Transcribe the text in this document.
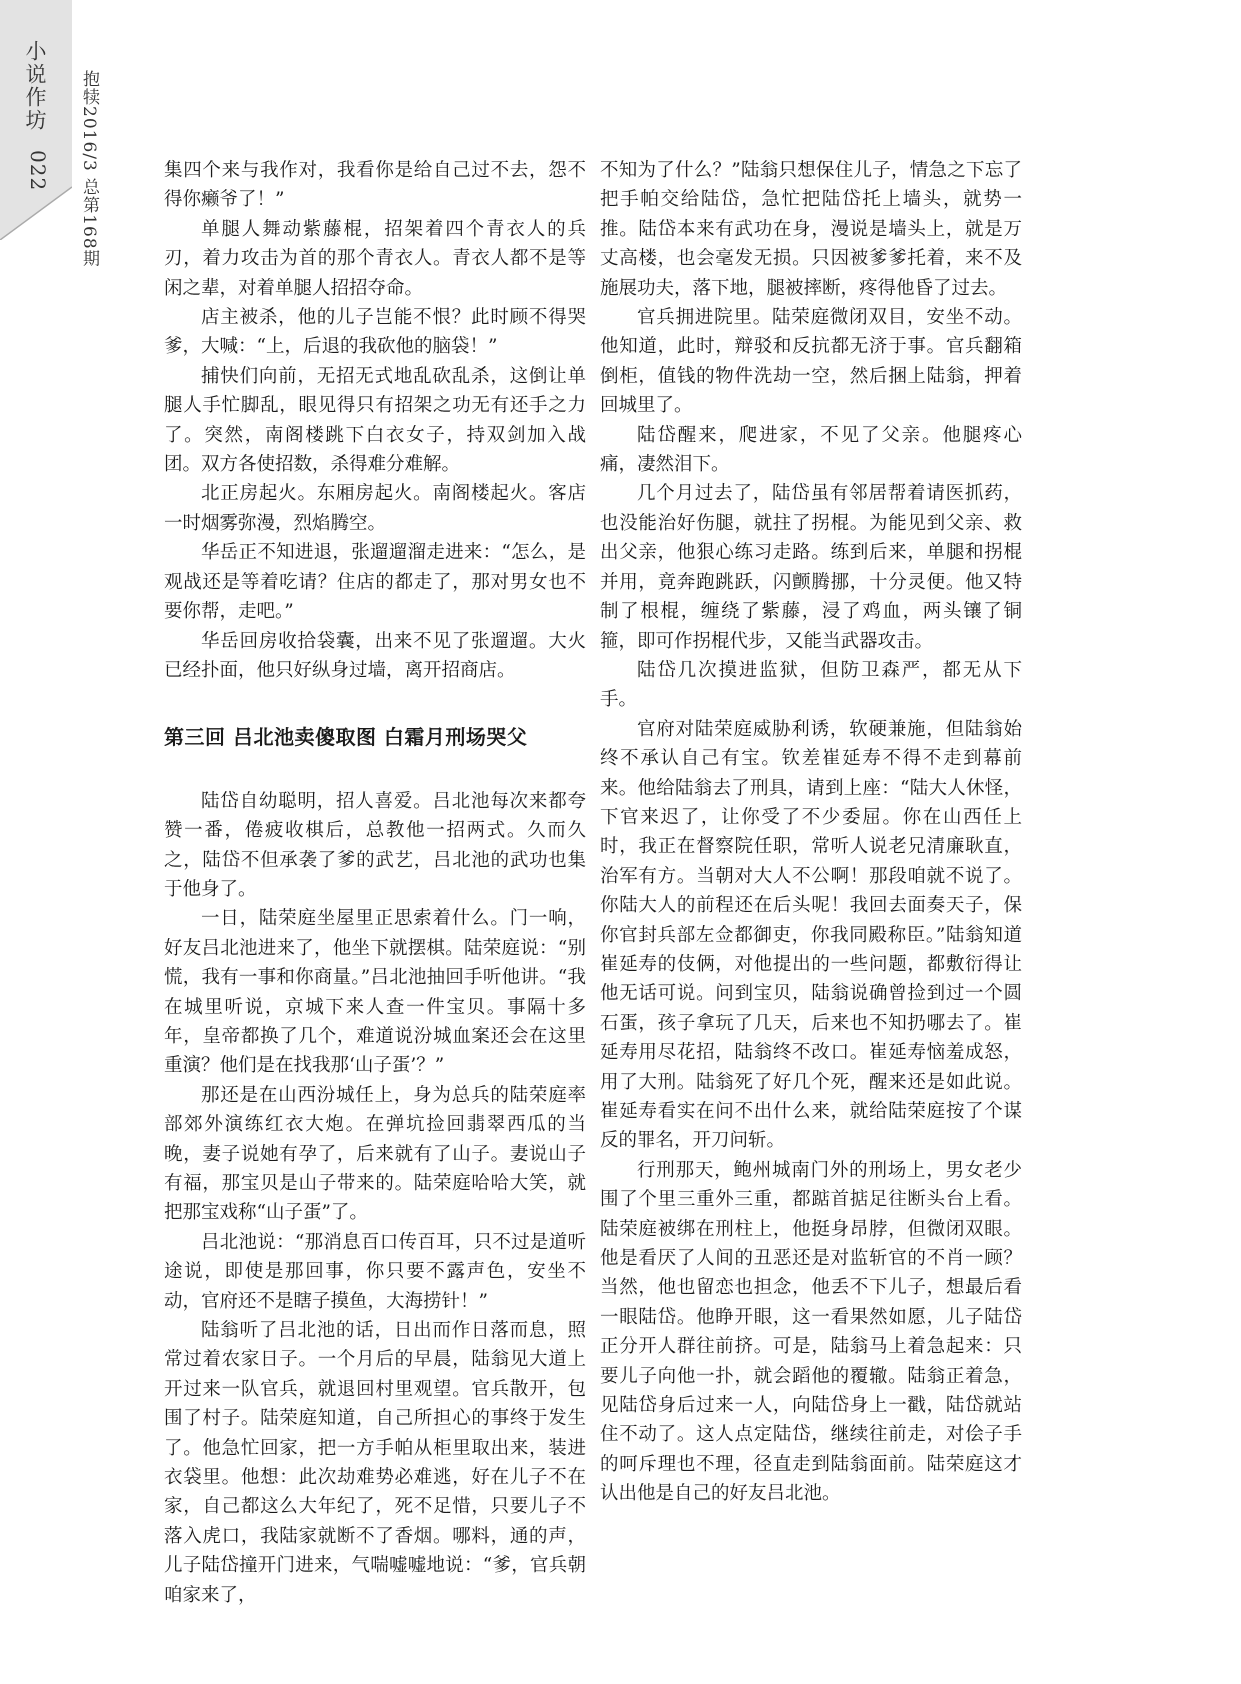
小说作坊
022 抱犊2016/3 总第168期	集四个来与我作对，我看你是给自己过不去，怨不得你癞爷了！”

单腿人舞动紫藤棍，招架着四个青衣人的兵刃，着力攻击为首的那个青衣人。青衣人都不是等闲之辈，对着单腿人招招夺命。

店主被杀，他的儿子岂能不恨？此时顾不得哭爹，大喊：“上，后退的我砍他的脑袋！”

捕快们向前，无招无式地乱砍乱杀，这倒让单腿人手忙脚乱，眼见得只有招架之功无有还手之力了。突然，南阁楼跳下白衣女子，持双剑加入战团。双方各使招数，杀得难分难解。

北正房起火。东厢房起火。南阁楼起火。客店一时烟雾弥漫，烈焰腾空。

华岳正不知进退，张遛遛溜走进来：“怎么，是观战还是等着吃请？住店的都走了，那对男女也不要你帮，走吧。”

华岳回房收拾袋囊，出来不见了张遛遛。大火已经扑面，他只好纵身过墙，离开招商店。

第三回 吕北池卖傻取图 白霜月刑场哭父

陆岱自幼聪明，招人喜爱。吕北池每次来都夸赞一番，倦疲收棋后，总教他一招两式。久而久之，陆岱不但承袭了爹的武艺，吕北池的武功也集于他身了。

一日，陆荣庭坐屋里正思索着什么。门一响，好友吕北池进来了，他坐下就摆棋。陆荣庭说：“别慌，我有一事和你商量。”吕北池抽回手听他讲。“我在城里听说，京城下来人查一件宝贝。事隔十多年，皇帝都换了几个，难道说汾城血案还会在这里重演？他们是在找我那‘山子蛋’？”

那还是在山西汾城任上，身为总兵的陆荣庭率部郊外演练红衣大炮。在弹坑捡回翡翠西瓜的当晚，妻子说她有孕了，后来就有了山子。妻说山子有福，那宝贝是山子带来的。陆荣庭哈哈大笑，就把那宝戏称“山子蛋”了。

吕北池说：“那消息百口传百耳，只不过是道听途说，即使是那回事，你只要不露声色，安坐不动，官府还不是瞎子摸鱼，大海捞针！”

陆翁听了吕北池的话，日出而作日落而息，照常过着农家日子。一个月后的早晨，陆翁见大道上开过来一队官兵，就退回村里观望。官兵散开，包围了村子。陆荣庭知道，自己所担心的事终于发生了。他急忙回家，把一方手帕从柜里取出来，装进衣袋里。他想：此次劫难势必难逃，好在儿子不在家，自己都这么大年纪了，死不足惜，只要儿子不落入虎口，我陆家就断不了香烟。哪料，通的声，儿子陆岱撞开门进来，气喘嘘嘘地说：“爹，官兵朝咱家来了，

不知为了什么？”陆翁只想保住儿子，情急之下忘了把手帕交给陆岱，急忙把陆岱托上墙头，就势一推。陆岱本来有武功在身，漫说是墙头上，就是万丈高楼，也会毫发无损。只因被爹爹托着，来不及施展功夫，落下地，腿被摔断，疼得他昏了过去。

官兵拥进院里。陆荣庭微闭双目，安坐不动。他知道，此时，辩驳和反抗都无济于事。官兵翻箱倒柜，值钱的物件洗劫一空，然后捆上陆翁，押着回城里了。

陆岱醒来，爬进家，不见了父亲。他腿疼心痛，凄然泪下。

几个月过去了，陆岱虽有邻居帮着请医抓药，也没能治好伤腿，就拄了拐棍。为能见到父亲、救出父亲，他狠心练习走路。练到后来，单腿和拐棍并用，竟奔跑跳跃，闪颤腾挪，十分灵便。他又特制了根棍，缠绕了紫藤，浸了鸡血，两头镶了铜箍，即可作拐棍代步，又能当武器攻击。

陆岱几次摸进监狱，但防卫森严，都无从下手。

官府对陆荣庭威胁利诱，软硬兼施，但陆翁始终不承认自己有宝。钦差崔延寿不得不走到幕前来。他给陆翁去了刑具，请到上座：“陆大人休怪，下官来迟了，让你受了不少委屈。你在山西任上时，我正在督察院任职，常听人说老兄清廉耿直，治军有方。当朝对大人不公啊！那段咱就不说了。你陆大人的前程还在后头呢！我回去面奏天子，保你官封兵部左佥都御吏，你我同殿称臣。”陆翁知道崔延寿的伎俩，对他提出的一些问题，都敷衍得让他无话可说。问到宝贝，陆翁说确曾捡到过一个圆石蛋，孩子拿玩了几天，后来也不知扔哪去了。崔延寿用尽花招，陆翁终不改口。崔延寿恼羞成怒，用了大刑。陆翁死了好几个死，醒来还是如此说。崔延寿看实在问不出什么来，就给陆荣庭按了个谋反的罪名，开刀问斩。

行刑那天，鲍州城南门外的刑场上，男女老少围了个里三重外三重，都踮首掂足往断头台上看。陆荣庭被绑在刑柱上，他挺身昂脖，但微闭双眼。他是看厌了人间的丑恶还是对监斩官的不肖一顾？当然，他也留恋也担念，他丢不下儿子，想最后看一眼陆岱。他睁开眼，这一看果然如愿，儿子陆岱正分开人群往前挤。可是，陆翁马上着急起来：只要儿子向他一扑，就会蹈他的覆辙。陆翁正着急，见陆岱身后过来一人，向陆岱身上一戳，陆岱就站住不动了。这人点定陆岱，继续往前走，对侩子手的呵斥理也不理，径直走到陆翁面前。陆荣庭这才认出他是自己的好友吕北池。
